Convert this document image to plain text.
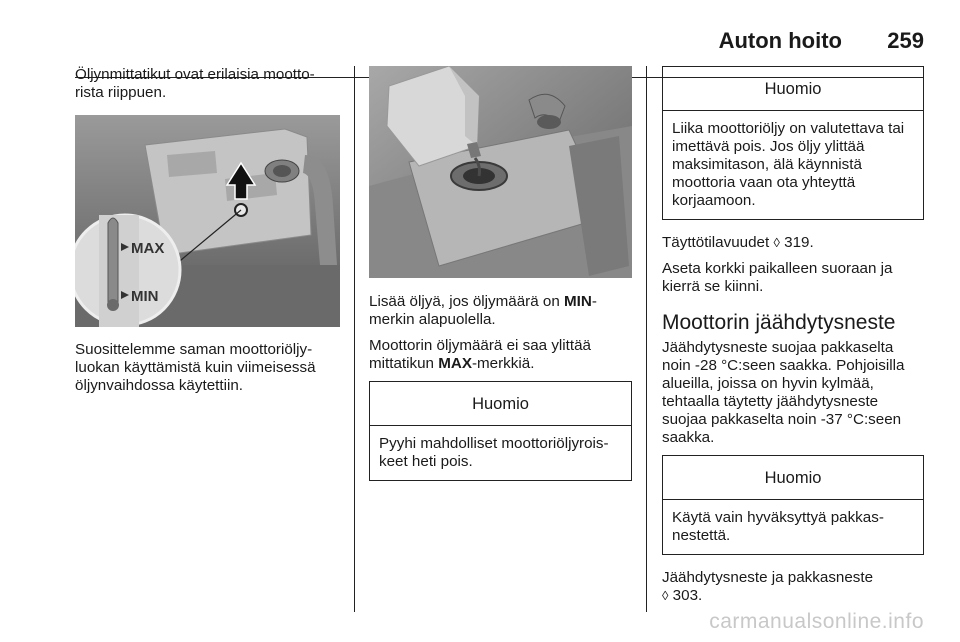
Auton hoito 259

Öljynmittatikut ovat erilaisia mootto-rista riippuen.

MAX
MIN

Suosittelemme saman moottoriöljy-luokan käyttämistä kuin viimeisessä öljynvaihdossa käytettiin.

Lisää öljyä, jos öljymäärä on MIN-merkin alapuolella.

Moottorin öljymäärä ei saa ylittää mittatikun MAX-merkkiä.

Huomio
Pyyhi mahdolliset moottoriöljyrois-keet heti pois.
Huomio
Liika moottoriöljy on valutettava tai imettävä pois. Jos öljy ylittää maksimitason, älä käynnistä moottoria vaan ota yhteyttä korjaamoon.

Täyttötilavuudet ◊ 319.

Aseta korkki paikalleen suoraan ja kierrä se kiinni.

Moottorin jäähdytysneste

Jäähdytysneste suojaa pakkaselta noin -28 °C:seen saakka. Pohjoisilla alueilla, joissa on hyvin kylmää, tehtaalla täytetty jäähdytysneste suojaa pakkaselta noin -37 °C:seen saakka.

Huomio
Käytä vain hyväksyttyä pakkas-nestettä.

Jäähdytysneste ja pakkasneste
◊ 303.

carmanualsonline.info
